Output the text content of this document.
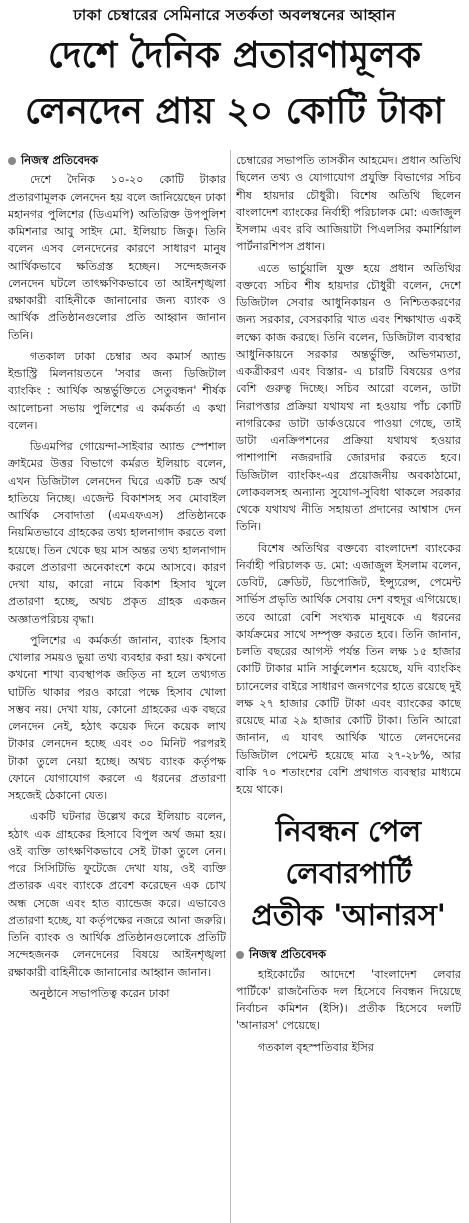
ঢাকা চেম্বারের সেমিনারে সতর্কতা অবলম্বনের আহ্বান
দেশে দৈনিক প্রতারণামূলক
লেনদেন প্রায় ২০ কোটি টাকা
নিজস্ব প্রতিবেদক

দেশে দৈনিক ১০-২০ কোটি টাকার প্রতারণামূলক লেনদেন হয় বলে জানিয়েছেন ঢাকা মহানগর পুলিশের (ডিএমপি) অতিরিক্ত উপপুলিশ কমিশনার আবু সাইদ মো. ইলিয়াচ জিকু। তিনি বলেন এসব লেনদেনের কারণে সাধারণ মানুষ আর্থিকভাবে ক্ষতিগ্রস্ত হচ্ছেন। সন্দেহজনক লেনদেন ঘটলে তাৎক্ষণিকভাবে তা আইনশৃঙ্খলা রক্ষাকারী বাহিনীকে জানানোর জন্য ব্যাংক ও আর্থিক প্রতিষ্ঠানগুলোর প্রতি আহ্বান জানান তিনি।

গতকাল ঢাকা চেম্বার অব কমার্স অ্যান্ড ইন্ডাস্ট্রি মিলনায়তনে 'সবার জন্য ডিজিটাল ব্যাংকিং : আর্থিক অন্তর্ভুক্তিতে সেতুবন্ধন' শীর্ষক আলোচনা সভায় পুলিশের এ কর্মকর্তা এ কথা বলেন।

ডিএমপির গোয়েন্দা-সাইবার অ্যান্ড স্পেশাল ক্রাইমের উত্তর বিভাগে কর্মরত ইলিয়াচ বলেন, এখন ডিজিটাল লেনদেন ঘিরে একটি চক্র অর্থ হাতিয়ে নিচ্ছে। এজেন্ট বিকাশসহ সব মোবাইল আর্থিক সেবাদাতা (এমএফএস) প্রতিষ্ঠানকে নিয়মিতভাবে গ্রাহকের তথ্য হালনাগাদ করতে বলা হয়েছে। তিন থেকে ছয় মাস অন্তর তথ্য হালনাগাদ করলে প্রতারণা অনেকাংশে কমে আসবে। কারণ দেখা যায়, কারো নামে বিকাশ হিসাব খুলে প্রতারণা হচ্ছে, অথচ প্রকৃত গ্রাহক একজন অজ্ঞাতপরিচয় বৃদ্ধা।

পুলিশের এ কর্মকর্তা জানান, ব্যাংক হিসাব খোলার সময়ও ভুয়া তথ্য ব্যবহার করা হয়। কখনো কখনো শাখা ব্যবস্থাপক জড়িত না হলে তথ্যগত ঘাটতি থাকার পরও কারো পক্ষে হিসাব খোলা সম্ভব নয়। দেখা যায়, কোনো গ্রাহকের এক বছরে লেনদেন নেই, হঠাৎ কয়েক দিনে কয়েক লাখ টাকার লেনদেন হচ্ছে এবং ৩০ মিনিট পরপরই টাকা তুলে নেয়া হচ্ছে। অথচ ব্যাংক কর্তৃপক্ষ ফোনে যোগাযোগ করলে এ ধরনের প্রতারণা সহজেই ঠেকানো যেত।

একটি ঘটনার উল্লেখ করে ইলিয়াচ বলেন, হঠাৎ এক গ্রাহকের হিসাবে বিপুল অর্থ জমা হয়। ওই ব্যক্তি তাৎক্ষণিকভাবে সেই টাকা তুলে নেন। পরে সিসিটিভি ফুটেজে দেখা যায়, ওই ব্যক্তি প্রতারক এবং ব্যাংকে প্রবেশ করেছেন এক চোখ অন্ধ সেজে এবং হাত ব্যান্ডেজ করে। এভাবেও প্রতারণা হচ্ছে, যা কর্তৃপক্ষের নজরে আনা জরুরি। তিনি ব্যাংক ও আর্থিক প্রতিষ্ঠানগুলোকে প্রতিটি সন্দেহজনক লেনদেনের বিষয়ে আইনশৃঙ্খলা রক্ষাকারী বাহিনীকে জানানোর আহ্বান জানান।

অনুষ্ঠানে সভাপতিত্ব করেন ঢাকা

চেম্বারের সভাপতি তাসকীন আহমেদ। প্রধান অতিথি ছিলেন তথ্য ও যোগাযোগ প্রযুক্তি বিভাগের সচিব শীষ হায়দার চৌধুরী। বিশেষ অতিথি ছিলেন বাংলাদেশ ব্যাংকের নির্বাহী পরিচালক মো: এজাজুল ইসলাম এবং রবি আজিয়াটা পিএলসির কমার্শিয়াল পার্টনারশিপস প্রধান।

এতে ভার্চুয়ালি যুক্ত হয়ে প্রধান অতিথির বক্তব্যে সচিব শীষ হায়দার চৌধুরী বলেন, দেশে ডিজিটাল সেবার আধুনিকায়ন ও নিশ্চিতকরণের জন্য সরকার, বেসরকারি খাত এবং শিক্ষাখাত একই লক্ষ্যে কাজ করছে। তিনি বলেন, ডিজিটাল ব্যবস্থার আধুনিকায়নে সরকার অন্তর্ভুক্তি, অভিগম্যতা, একত্রীকরণ এবং বিস্তার- এ চারটি বিষয়ের ওপর বেশি গুরুত্ব দিচ্ছে। সচিব আরো বলেন, ডাটা নিরাপত্তার প্রক্রিয়া যথাযথ না হওয়ায় পাঁচ কোটি নাগরিকের ডাটা ডার্কওয়েবে পাওয়া গেছে, তাই ডাটা এনক্রিপশনের প্রক্রিয়া যথাযথ হওয়ার পাশাপাশি নজরদারি জোরদার করতে হবে। ডিজিটাল ব্যাংকিং-এর প্রয়োজনীয় অবকাঠামো, লোকবলসহ অন্যান্য সুযোগ-সুবিধা থাকলে সরকার থেকে যথাযথ নীতি সহায়তা প্রদানের আশ্বাস দেন তিনি।

বিশেষ অতিথির বক্তব্যে বাংলাদেশ ব্যাংকের নির্বাহী পরিচালক ড. মো: এজাজুল ইসলাম বলেন, ডেবিট, ক্রেডিট, ডিপোজিট, ইন্স্যুরেন্স, পেমেন্ট সার্ভিস প্রভৃতি আর্থিক সেবায় দেশ বহুদূর এগিয়েছে। তবে আরো বেশি সংখ্যক মানুষকে এ ধরনের কার্যক্রমের সাথে সম্পৃক্ত করতে হবে। তিনি জানান, চলতি বছরের আগস্ট পর্যন্ত তিন লক্ষ ১৫ হাজার কোটি টাকার মানি সার্কুলেশন হয়েছে, যদি ব্যাংকিং চ্যানেলের বাইরে সাধারণ জনগণের হাতে রয়েছে দুই লক্ষ ২৭ হাজার কোটি টাকা এবং ব্যাংকের কাছে রয়েছে মাত্র ২৯ হাজার কোটি টাকা। তিনি আরো জানান, এ যাবৎ আর্থিক খাতে লেনদেনের ডিজিটাল পেমেন্ট হয়েছে মাত্র ২৭-২৮%, আর বাকি ৭০ শতাংশের বেশি প্রথাগত ব্যবস্থার মাধ্যমে হয়ে থাকে।

নিবন্ধন পেল
লেবারপার্টি
প্রতীক 'আনারস'
নিজস্ব প্রতিবেদক

হাইকোর্টের আদেশে 'বাংলাদেশ লেবার পার্টিকে' রাজনৈতিক দল হিসেবে নিবন্ধন দিয়েছে নির্বাচন কমিশন (ইসি)। প্রতীক হিসেবে দলটি 'আনারস' পেয়েছে।

গতকাল বৃহস্পতিবার ইসির
